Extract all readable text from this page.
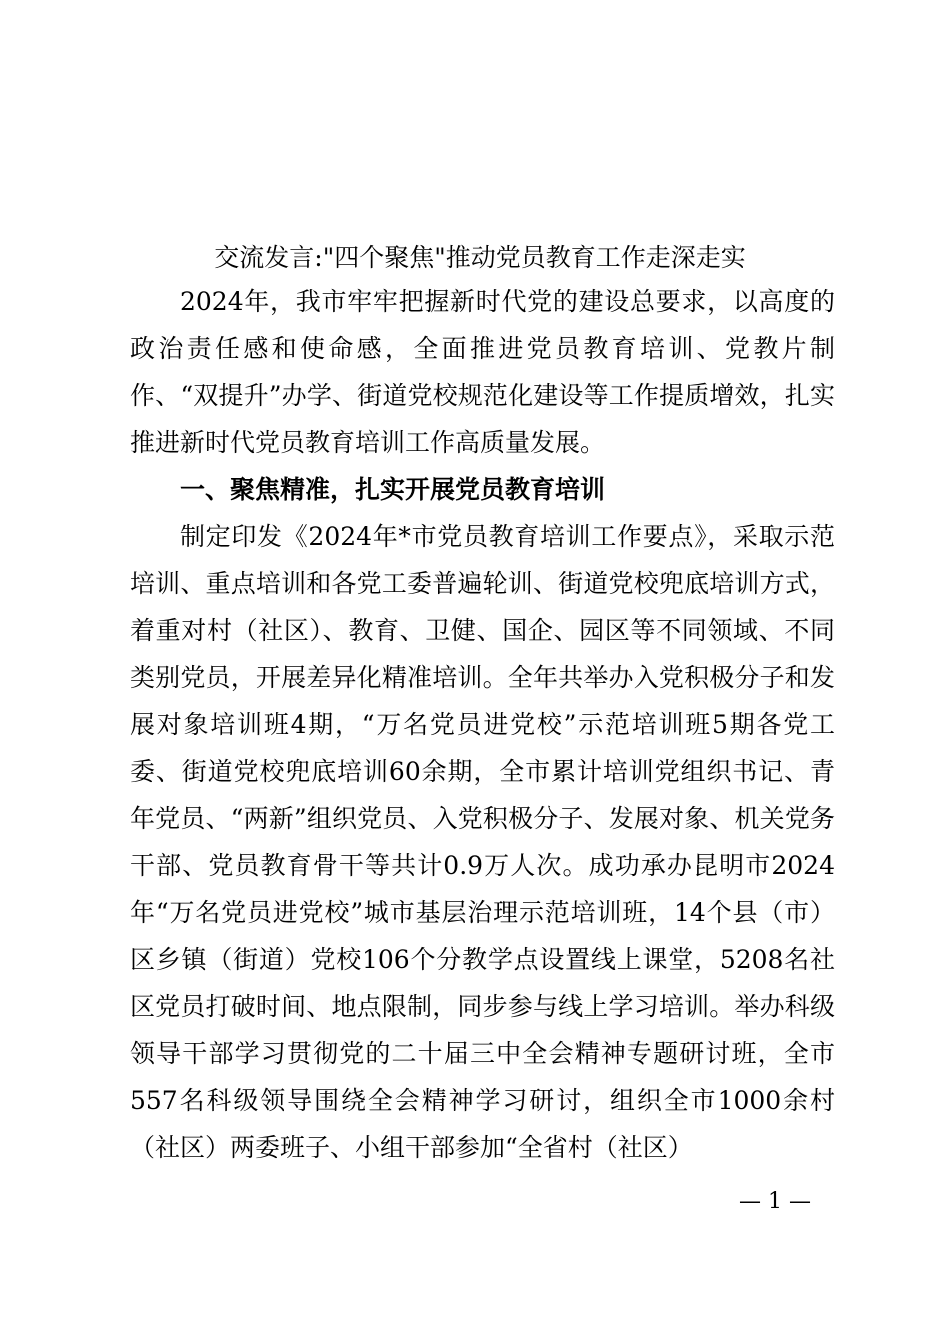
交流发言:"四个聚焦"推动党员教育工作走深走实

2024年，我市牢牢把握新时代党的建设总要求，以高度的政治责任感和使命感，全面推进党员教育培训、党教片制作、“双提升”办学、街道党校规范化建设等工作提质增效，扎实推进新时代党员教育培训工作高质量发展。

一、聚焦精准，扎实开展党员教育培训

制定印发《2024年*市党员教育培训工作要点》，采取示范培训、重点培训和各党工委普遍轮训、街道党校兜底培训方式，着重对村（社区）、教育、卫健、国企、园区等不同领域、不同类别党员，开展差异化精准培训。全年共举办入党积极分子和发展对象培训班4期，“万名党员进党校”示范培训班5期各党工委、街道党校兜底培训60余期，全市累计培训党组织书记、青年党员、“两新”组织党员、入党积极分子、发展对象、机关党务干部、党员教育骨干等共计0.9万人次。成功承办昆明市2024年“万名党员进党校”城市基层治理示范培训班，14个县（市）区乡镇（街道）党校106个分教学点设置线上课堂，5208名社区党员打破时间、地点限制，同步参与线上学习培训。举办科级领导干部学习贯彻党的二十届三中全会精神专题研讨班，全市557名科级领导围绕全会精神学习研讨，组织全市1000余村（社区）两委班子、小组干部参加“全省村（社区）

— 1 —
